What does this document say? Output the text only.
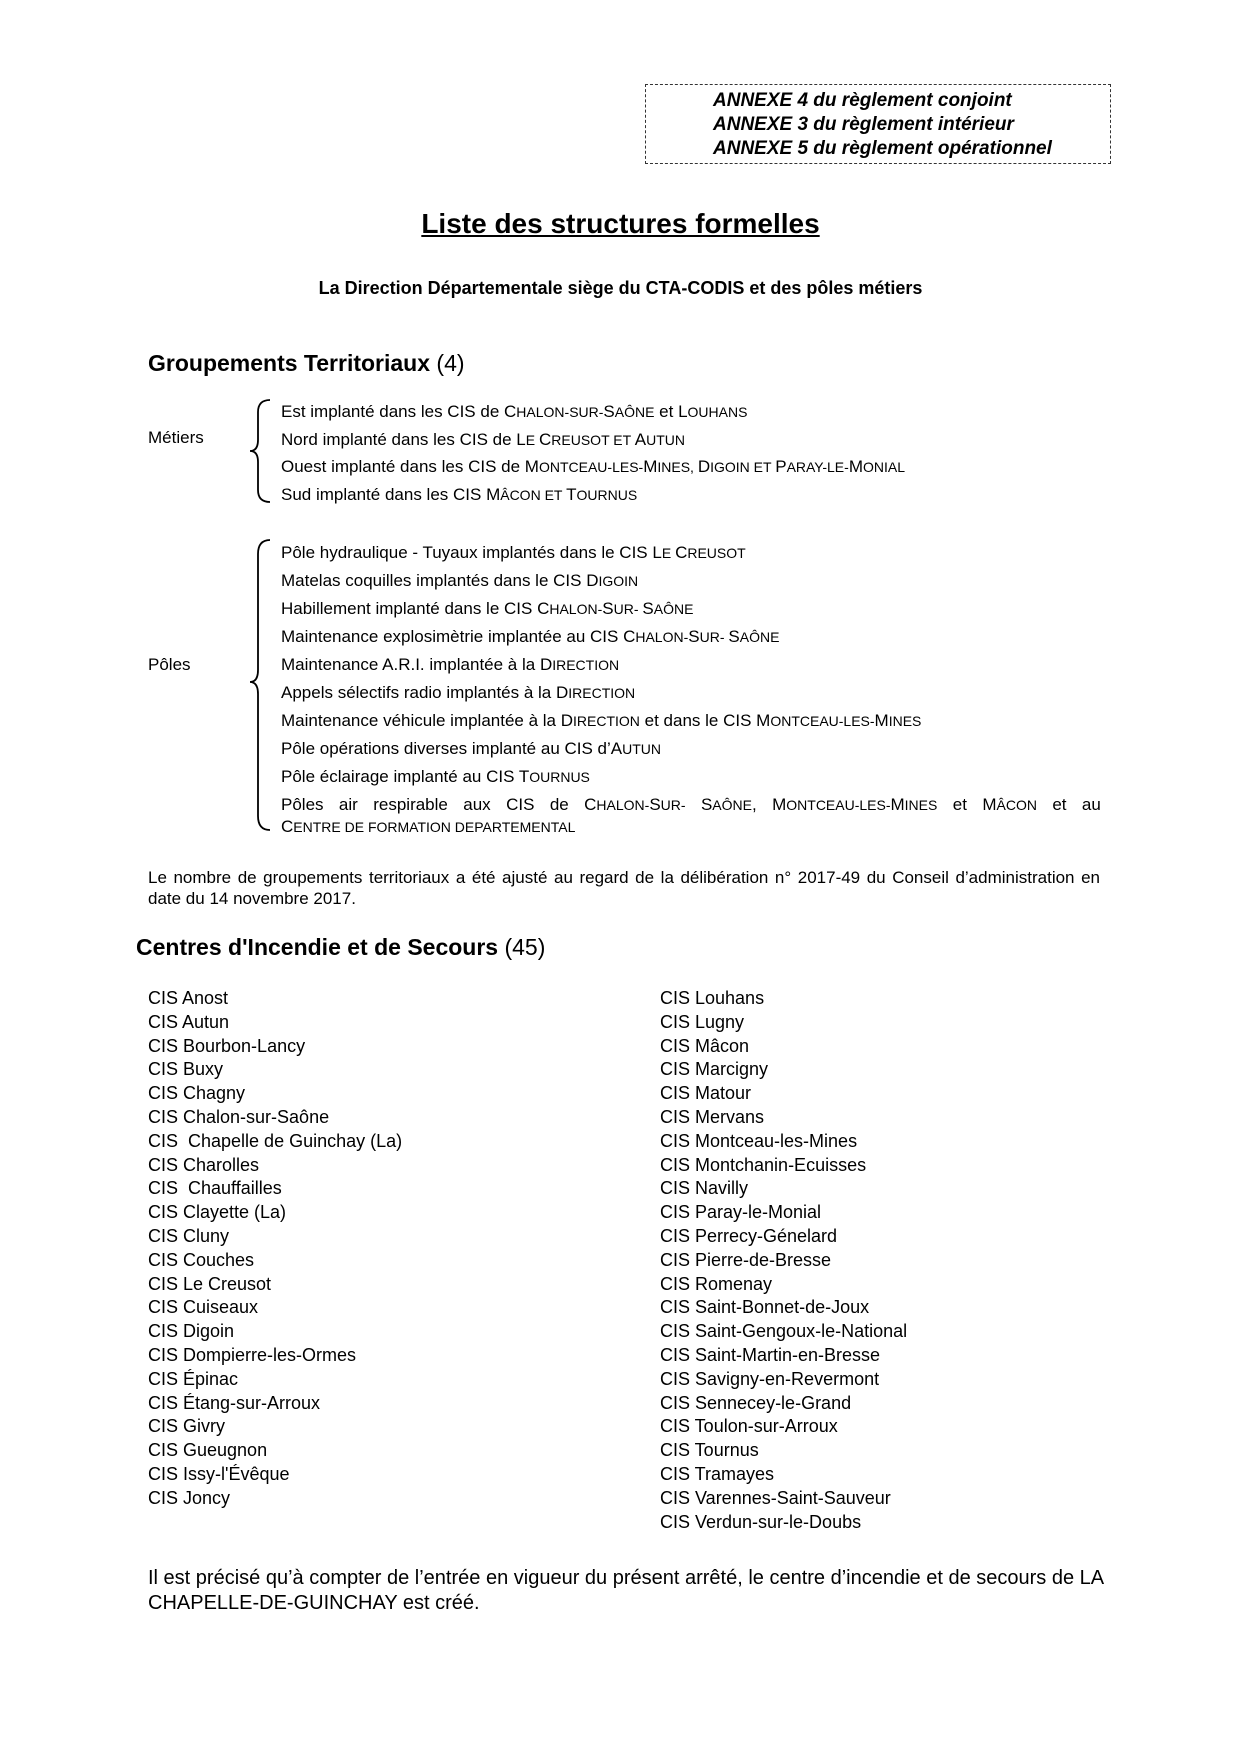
ANNEXE 4 du règlement conjoint
ANNEXE 3 du règlement intérieur
ANNEXE 5 du règlement opérationnel
Liste des structures formelles
La Direction Départementale siège du CTA-CODIS et des pôles métiers
Groupements Territoriaux (4)
Métiers
Est implanté dans les CIS de CHALON-SUR-SAÔNE et LOUHANS
Nord implanté dans les CIS de LE CREUSOT ET AUTUN
Ouest implanté dans les CIS de MONTCEAU-LES-MINES, DIGOIN ET PARAY-LE-MONIAL
Sud implanté dans les CIS MÂCON ET TOURNUS
Pôles
Pôle hydraulique - Tuyaux implantés dans le CIS LE CREUSOT
Matelas coquilles implantés dans le CIS DIGOIN
Habillement implanté dans le CIS CHALON-SUR- SAÔNE
Maintenance explosimètrie implantée au CIS CHALON-SUR- SAÔNE
Maintenance A.R.I. implantée à la DIRECTION
Appels sélectifs radio implantés à la DIRECTION
Maintenance véhicule implantée à la DIRECTION et dans le CIS MONTCEAU-LES-MINES
Pôle opérations diverses implanté au CIS d’AUTUN
Pôle éclairage implanté au CIS TOURNUS
Pôles air respirable aux CIS de CHALON-SUR- SAÔNE, MONTCEAU-LES-MINES et MÂCON et au
CENTRE DE FORMATION DEPARTEMENTAL
Le nombre de groupements territoriaux a été ajusté au regard de la délibération n° 2017-49 du Conseil d’administration en date du 14 novembre 2017.
Centres d'Incendie et de Secours (45)
CIS Anost
CIS Autun
CIS Bourbon-Lancy
CIS Buxy
CIS Chagny
CIS Chalon-sur-Saône
CIS  Chapelle de Guinchay (La)
CIS Charolles
CIS  Chauffailles
CIS Clayette (La)
CIS Cluny
CIS Couches
CIS Le Creusot
CIS Cuiseaux
CIS Digoin
CIS Dompierre-les-Ormes
CIS Épinac
CIS Étang-sur-Arroux
CIS Givry
CIS Gueugnon
CIS Issy-l'Évêque
CIS Joncy
CIS Louhans
CIS Lugny
CIS Mâcon
CIS Marcigny
CIS Matour
CIS Mervans
CIS Montceau-les-Mines
CIS Montchanin-Ecuisses
CIS Navilly
CIS Paray-le-Monial
CIS Perrecy-Génelard
CIS Pierre-de-Bresse
CIS Romenay
CIS Saint-Bonnet-de-Joux
CIS Saint-Gengoux-le-National
CIS Saint-Martin-en-Bresse
CIS Savigny-en-Revermont
CIS Sennecey-le-Grand
CIS Toulon-sur-Arroux
CIS Tournus
CIS Tramayes
CIS Varennes-Saint-Sauveur
CIS Verdun-sur-le-Doubs
Il est précisé qu’à compter de l’entrée en vigueur du présent arrêté, le centre d’incendie et de secours de LA CHAPELLE-DE-GUINCHAY est créé.
